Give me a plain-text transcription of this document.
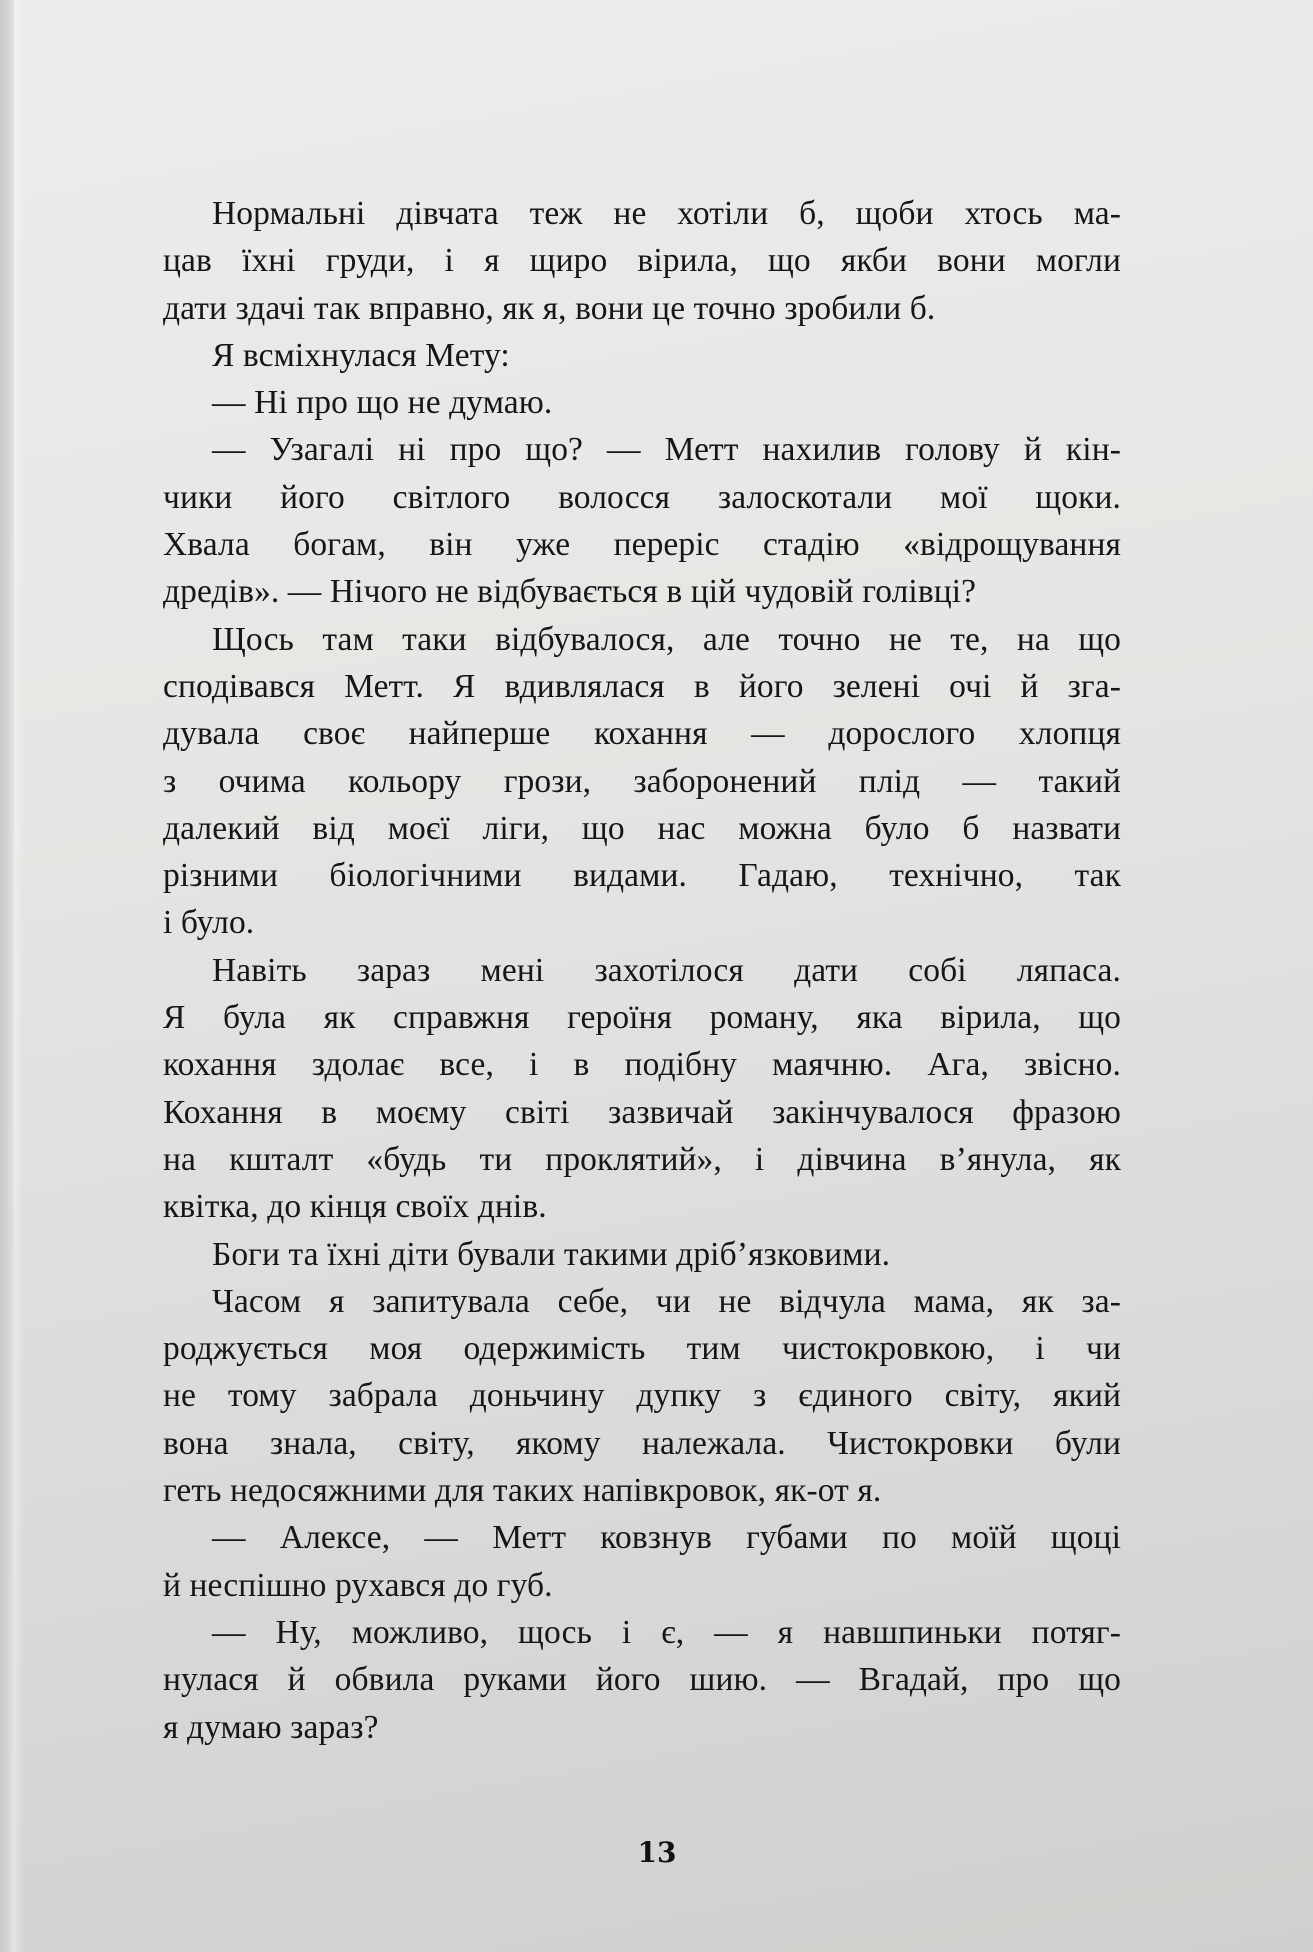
Нормальні дівчата теж не хотіли б, щоби хтось ма-
цав їхні груди, і я щиро вірила, що якби вони могли
дати здачі так вправно, як я, вони це точно зробили б.
Я всміхнулася Мету:
— Ні про що не думаю.
— Узагалі ні про що? — Метт нахилив голову й кін-
чики його світлого волосся залоскотали мої щоки.
Хвала богам, він уже переріс стадію «відрощування
дредів». — Нічого не відбувається в цій чудовій голівці?
Щось там таки відбувалося, але точно не те, на що
сподівався Метт. Я вдивлялася в його зелені очі й зга-
дувала своє найперше кохання — дорослого хлопця
з очима кольору грози, заборонений плід — такий
далекий від моєї ліги, що нас можна було б назвати
різними біологічними видами. Гадаю, технічно, так
і було.
Навіть зараз мені захотілося дати собі ляпаса.
Я була як справжня героїня роману, яка вірила, що
кохання здолає все, і в подібну маячню. Ага, звісно.
Кохання в моєму світі зазвичай закінчувалося фразою
на кшталт «будь ти проклятий», і дівчина в’янула, як
квітка, до кінця своїх днів.
Боги та їхні діти бували такими дріб’язковими.
Часом я запитувала себе, чи не відчула мама, як за-
роджується моя одержимість тим чистокровкою, і чи
не тому забрала доньчину дупку з єдиного світу, який
вона знала, світу, якому належала. Чистокровки були
геть недосяжними для таких напівкровок, як-от я.
— Алексе, — Метт ковзнув губами по моїй щоці
й неспішно рухався до губ.
— Ну, можливо, щось і є, — я навшпиньки потяг-
нулася й обвила руками його шию. — Вгадай, про що
я думаю зараз?
13
